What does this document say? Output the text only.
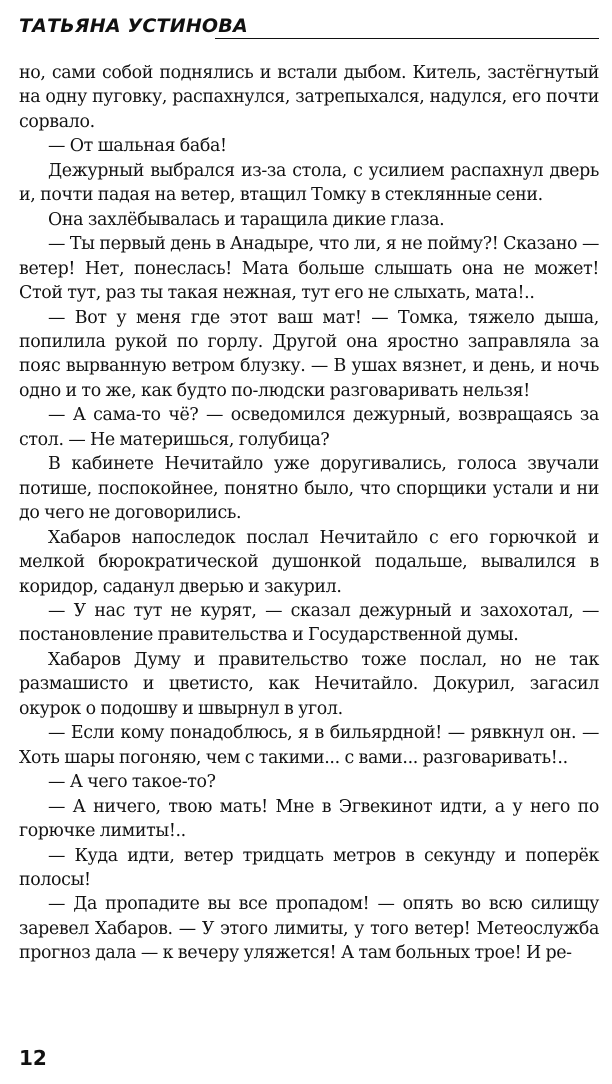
ТАТЬЯНА УСТИНОВА

но, сами собой поднялись и встали дыбом. Китель, застёгнутый на одну пуговку, распахнулся, затрепыхался, надулся, его почти сорвало.

— От шальная баба!

Дежурный выбрался из-за стола, с усилием распахнул дверь и, почти падая на ветер, втащил Томку в стеклянные сени.

Она захлёбывалась и таращила дикие глаза.

— Ты первый день в Анадыре, что ли, я не пойму?! Сказано — ветер! Нет, понеслась! Мата больше слышать она не может! Стой тут, раз ты такая нежная, тут его не слыхать, мата!..

— Вот у меня где этот ваш мат! — Томка, тяжело дыша, попилила рукой по горлу. Другой она яростно заправляла за пояс вырванную ветром блузку. — В ушах вязнет, и день, и ночь одно и то же, как будто по-людски разговаривать нельзя!

— А сама-то чё? — осведомился дежурный, возвращаясь за стол. — Не материшься, голубица?

В кабинете Нечитайло уже доругивались, голоса звучали потише, поспокойнее, понятно было, что спорщики устали и ни до чего не договорились.

Хабаров напоследок послал Нечитайло с его горючкой и мелкой бюрократической душонкой подальше, вывалился в коридор, саданул дверью и закурил.

— У нас тут не курят, — сказал дежурный и захохотал, — постановление правительства и Государственной думы.

Хабаров Думу и правительство тоже послал, но не так размашисто и цветисто, как Нечитайло. Докурил, загасил окурок о подошву и швырнул в угол.

— Если кому понадоблюсь, я в бильярдной! — рявкнул он. — Хоть шары погоняю, чем с такими... с вами... разговаривать!..

— А чего такое-то?

— А ничего, твою мать! Мне в Эгвекинот идти, а у него по горючке лимиты!..

— Куда идти, ветер тридцать метров в секунду и поперёк полосы!

— Да пропадите вы все пропадом! — опять во всю силищу заревел Хабаров. — У этого лимиты, у того ветер! Метеослужба прогноз дала — к вечеру уляжется! А там больных трое! И ре-

12
